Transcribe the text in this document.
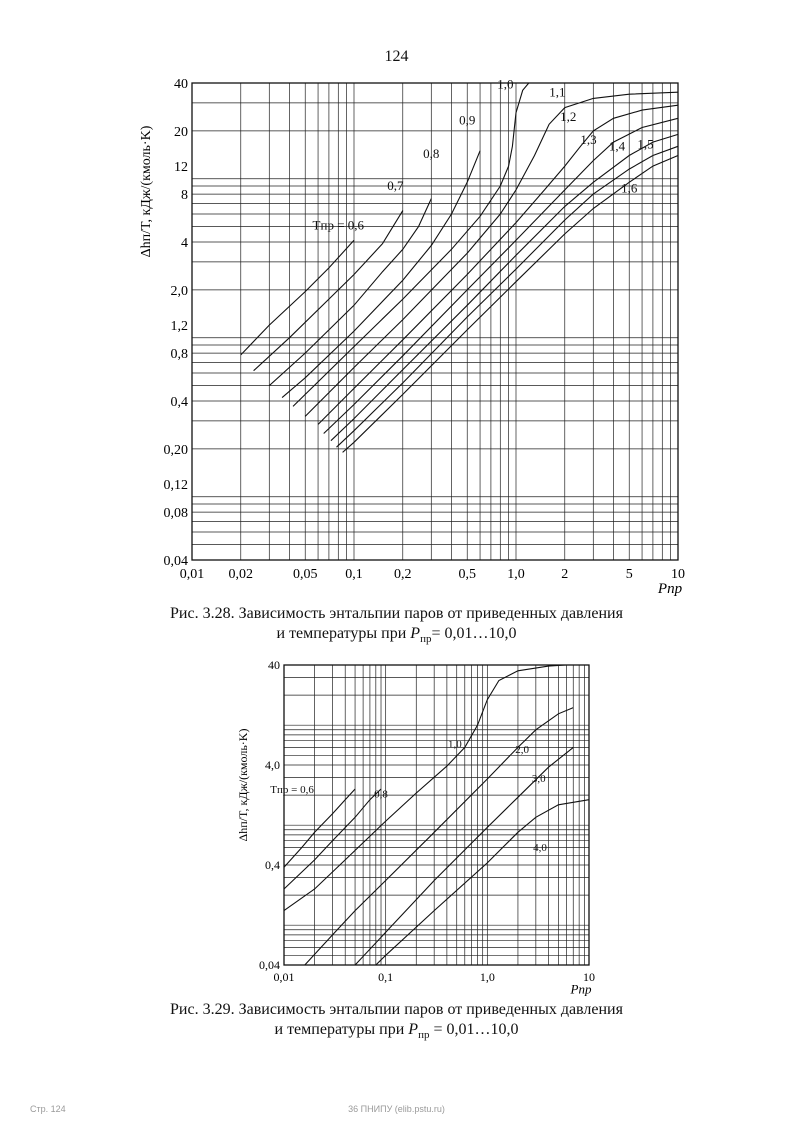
124
0,01 0,02	0,05 0,1 0,2	0,5 1,0	2	5	10
40
20
12
8
4
2,0
1,2
0,8
0,4
0,20
0,12
0,08
0,04
Pпр
Δhп/T, кДж/(кмоль·K)	Tпр = 0,6
0,7
0,8
0,9
1,0
1,1
1,2
1,3 1,4 1,5
1,6
0,01	0,1	1,0	10
40
4,0
0,4
0,04
Pпр
Δhп/T, кДж/(кмоль·K) Tпр = 0,6	0,8
1,0	2,0
3,0
4,0
Рис. 3.28. Зависимость энтальпии паров от приведенных давления
и температуры при $P_{пр}=$ 0,01…10,0
Рис. 3.29. Зависимость энтальпии паров от приведенных давления
и температуры при $P_{пр}$ = 0,01…10,0
Стр. 124	36 ПНИПУ (elib.pstu.ru)
